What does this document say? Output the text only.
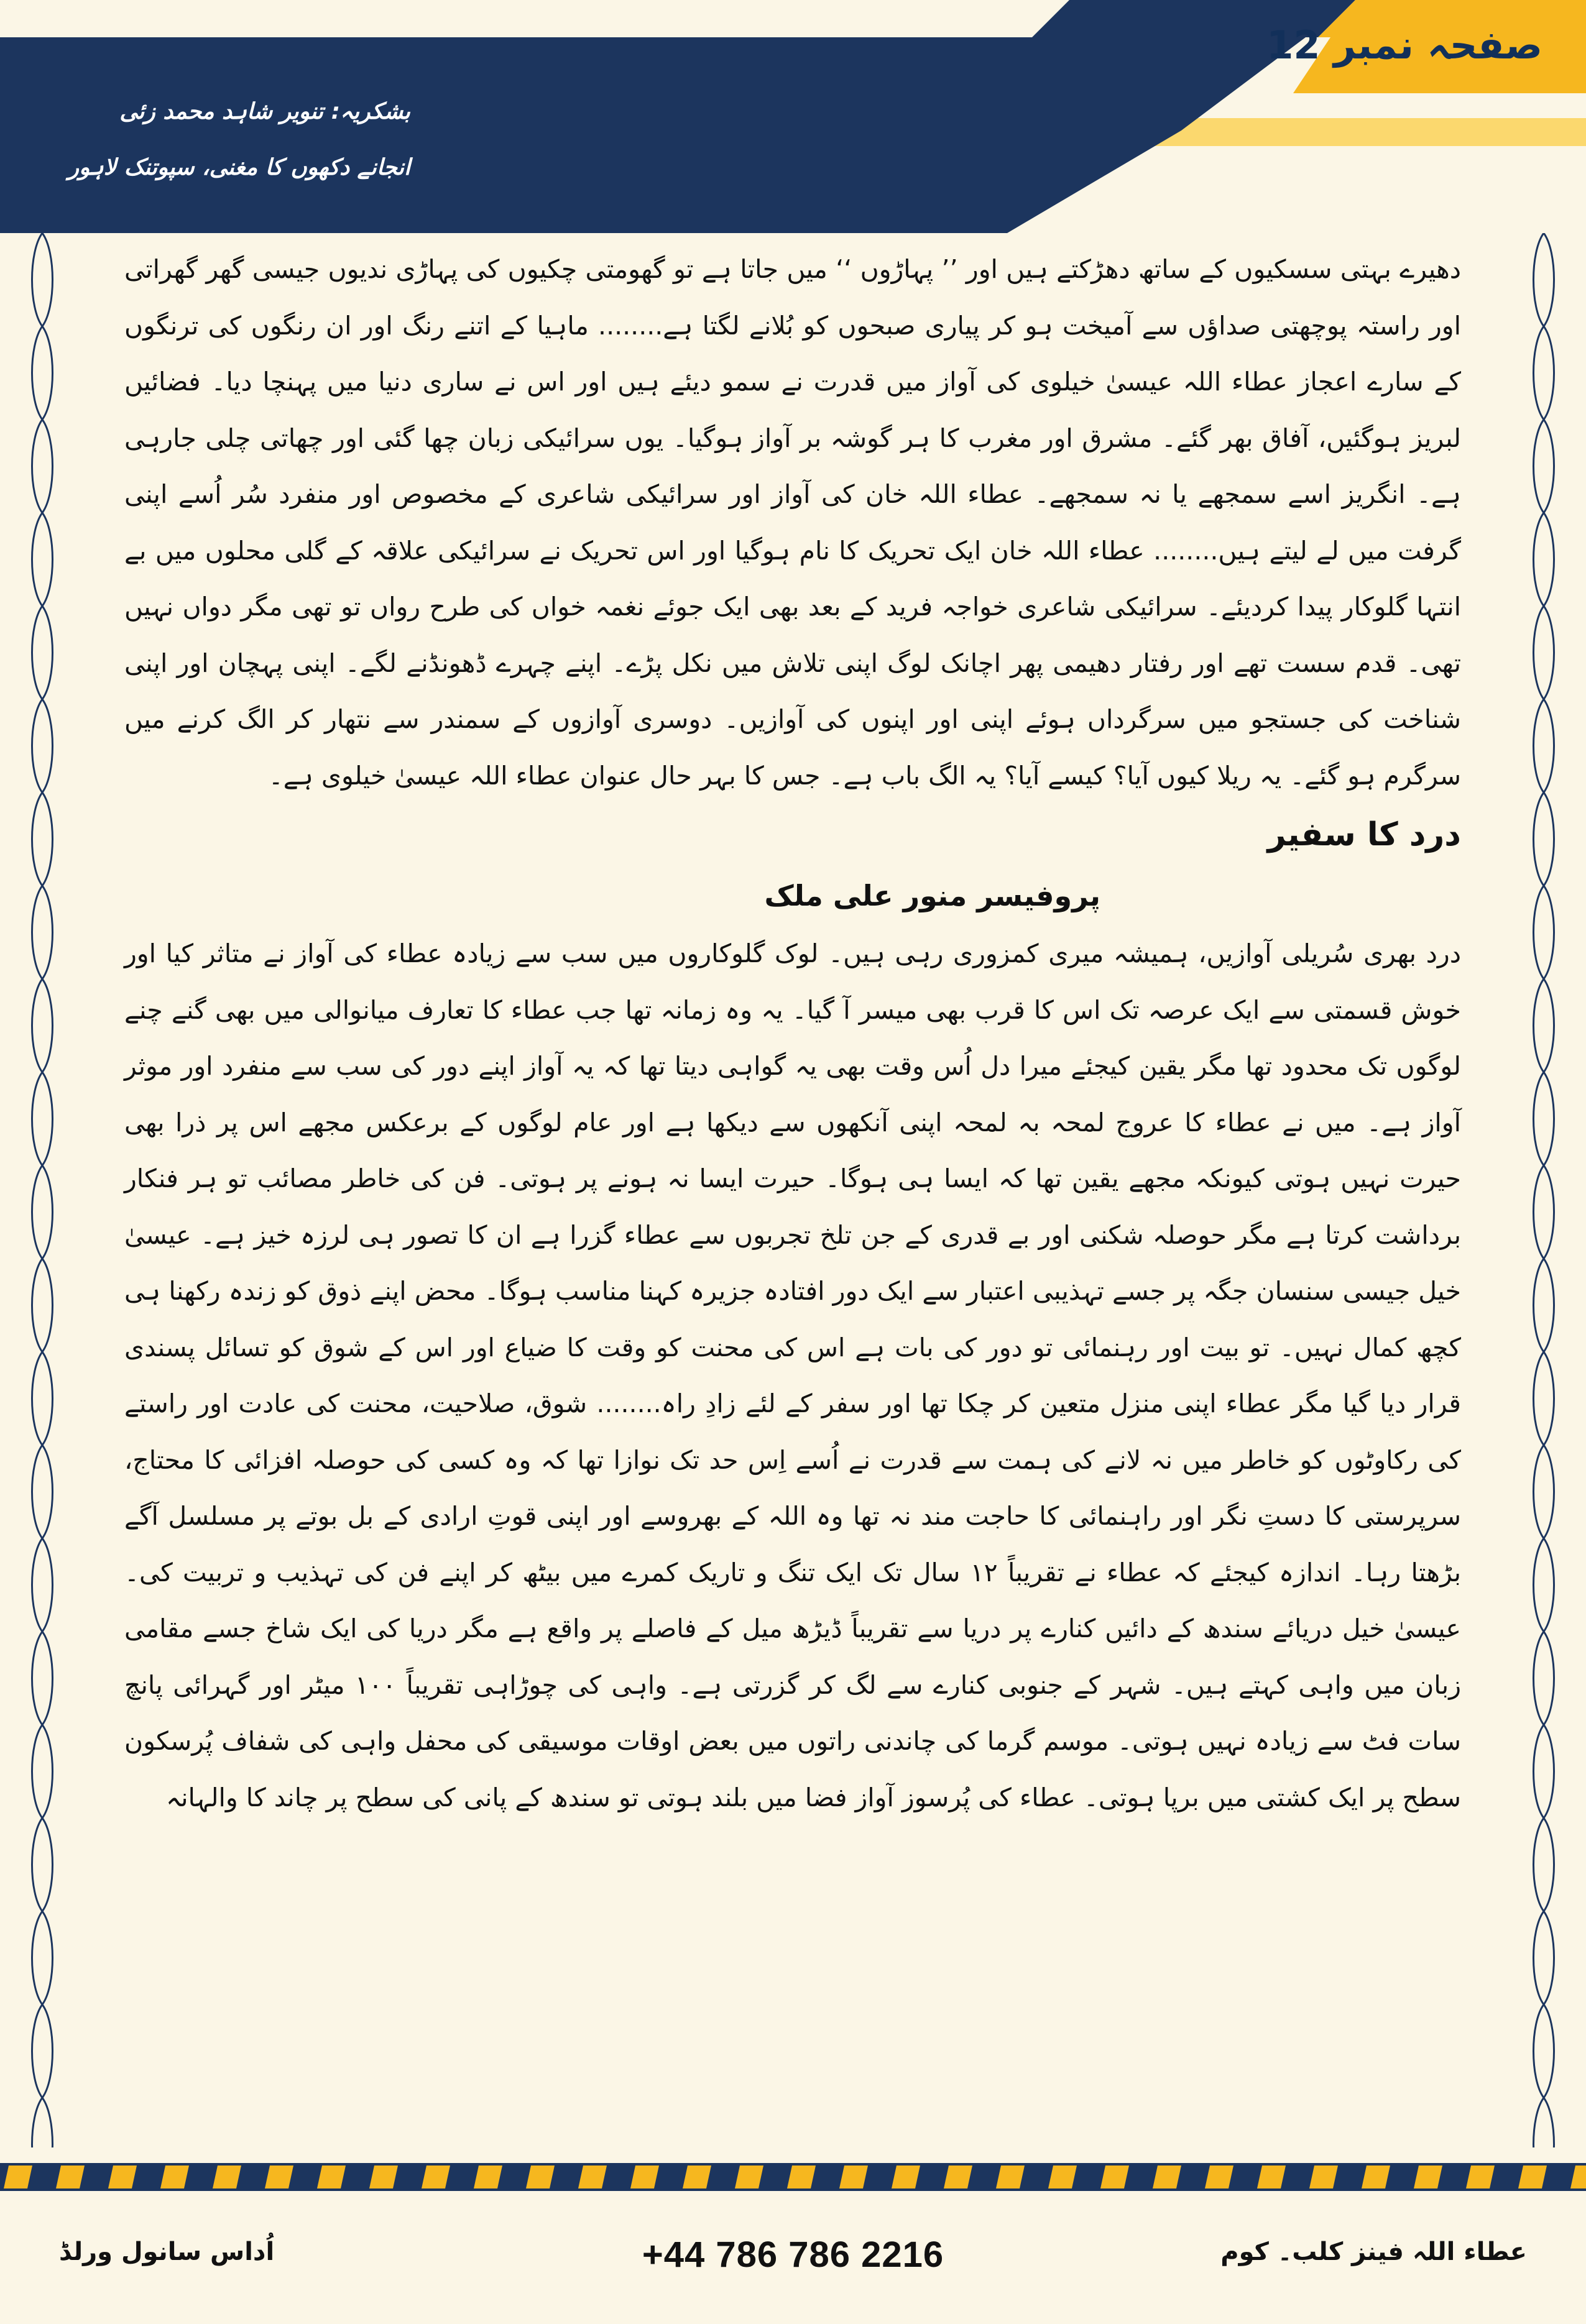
بشکریہ: تنویر شاہد محمد زئی
انجانے دکھوں کا مغنی، سپوتنک لاہور
صفحہ نمبر 12

دھیرے بہتی سسکیوں کے ساتھ دھڑکتے ہیں اور ’’ پہاڑوں ‘‘ میں جاتا ہے تو گھومتی چکیوں کی پہاڑی ندیوں جیسی گھر گھراتی اور راستہ پوچھتی صداؤں سے آمیخت ہو کر پیاری صبحوں کو بُلانے لگتا ہے........ ماہیا کے اتنے رنگ اور ان رنگوں کی ترنگوں کے سارے اعجاز عطاء اللہ عیسیٰ خیلوی کی آواز میں قدرت نے سمو دیئے ہیں اور اس نے ساری دنیا میں پہنچا دیا۔ فضائیں لبریز ہوگئیں، آفاق بھر گئے۔ مشرق اور مغرب کا ہر گوشہ بر آواز ہوگیا۔ یوں سرائیکی زبان چھا گئی اور چھاتی چلی جارہی ہے۔ انگریز اسے سمجھے یا نہ سمجھے۔ عطاء اللہ خان کی آواز اور سرائیکی شاعری کے مخصوص اور منفرد سُر اُسے اپنی گرفت میں لے لیتے ہیں........ عطاء اللہ خان ایک تحریک کا نام ہوگیا اور اس تحریک نے سرائیکی علاقہ کے گلی محلوں میں بے انتہا گلوکار پیدا کردیئے۔ سرائیکی شاعری خواجہ فرید کے بعد بھی ایک جوئے نغمہ خواں کی طرح رواں تو تھی مگر دواں نہیں تھی۔ قدم سست تھے اور رفتار دھیمی پھر اچانک لوگ اپنی تلاش میں نکل پڑے۔ اپنے چہرے ڈھونڈنے لگے۔ اپنی پہچان اور اپنی شناخت کی جستجو میں سرگرداں ہوئے اپنی اور اپنوں کی آوازیں۔ دوسری آوازوں کے سمندر سے نتھار کر الگ کرنے میں سرگرم ہو گئے۔ یہ ریلا کیوں آیا؟ کیسے آیا؟ یہ الگ باب ہے۔ جس کا بہر حال عنوان عطاء اللہ عیسیٰ خیلوی ہے۔

درد کا سفیر
پروفیسر منور علی ملک

درد بھری سُریلی آوازیں، ہمیشہ میری کمزوری رہی ہیں۔ لوک گلوکاروں میں سب سے زیادہ عطاء کی آواز نے متاثر کیا اور خوش قسمتی سے ایک عرصہ تک اس کا قرب بھی میسر آ گیا۔ یہ وہ زمانہ تھا جب عطاء کا تعارف میانوالی میں بھی گنے چنے لوگوں تک محدود تھا مگر یقین کیجئے میرا دل اُس وقت بھی یہ گواہی دیتا تھا کہ یہ آواز اپنے دور کی سب سے منفرد اور موثر آواز ہے۔ میں نے عطاء کا عروج لمحہ بہ لمحہ اپنی آنکھوں سے دیکھا ہے اور عام لوگوں کے برعکس مجھے اس پر ذرا بھی حیرت نہیں ہوتی کیونکہ مجھے یقین تھا کہ ایسا ہی ہوگا۔ حیرت ایسا نہ ہونے پر ہوتی۔ فن کی خاطر مصائب تو ہر فنکار برداشت کرتا ہے مگر حوصلہ شکنی اور بے قدری کے جن تلخ تجربوں سے عطاء گزرا ہے ان کا تصور ہی لرزہ خیز ہے۔ عیسیٰ خیل جیسی سنسان جگہ پر جسے تہذیبی اعتبار سے ایک دور افتادہ جزیرہ کہنا مناسب ہوگا۔ محض اپنے ذوق کو زندہ رکھنا ہی کچھ کمال نہیں۔ تو بیت اور رہنمائی تو دور کی بات ہے اس کی محنت کو وقت کا ضیاع اور اس کے شوق کو تسائل پسندی قرار دیا گیا مگر عطاء اپنی منزل متعین کر چکا تھا اور سفر کے لئے زادِ راہ........ شوق، صلاحیت، محنت کی عادت اور راستے کی رکاوٹوں کو خاطر میں نہ لانے کی ہمت سے قدرت نے اُسے اِس حد تک نوازا تھا کہ وہ کسی کی حوصلہ افزائی کا محتاج، سرپرستی کا دستِ نگر اور راہنمائی کا حاجت مند نہ تھا وہ اللہ کے بھروسے اور اپنی قوتِ ارادی کے بل بوتے پر مسلسل آگے بڑھتا رہا۔ اندازہ کیجئے کہ عطاء نے تقریباً ۱۲ سال تک ایک تنگ و تاریک کمرے میں بیٹھ کر اپنے فن کی تہذیب و تربیت کی۔ عیسیٰ خیل دریائے سندھ کے دائیں کنارے پر دریا سے تقریباً ڈیڑھ میل کے فاصلے پر واقع ہے مگر دریا کی ایک شاخ جسے مقامی زبان میں واہی کہتے ہیں۔ شہر کے جنوبی کنارے سے لگ کر گزرتی ہے۔ واہی کی چوڑاہی تقریباً ۱۰۰ میٹر اور گہرائی پانچ سات فٹ سے زیادہ نہیں ہوتی۔ موسم گرما کی چاندنی راتوں میں بعض اوقات موسیقی کی محفل واہی کی شفاف پُرسکون سطح پر ایک کشتی میں برپا ہوتی۔ عطاء کی پُرسوز آواز فضا میں بلند ہوتی تو سندھ کے پانی کی سطح پر چاند کا والہانہ

اُداس سانول ورلڈ	+44 786 786 2216	عطاء اللہ فینز کلب۔ کوم
